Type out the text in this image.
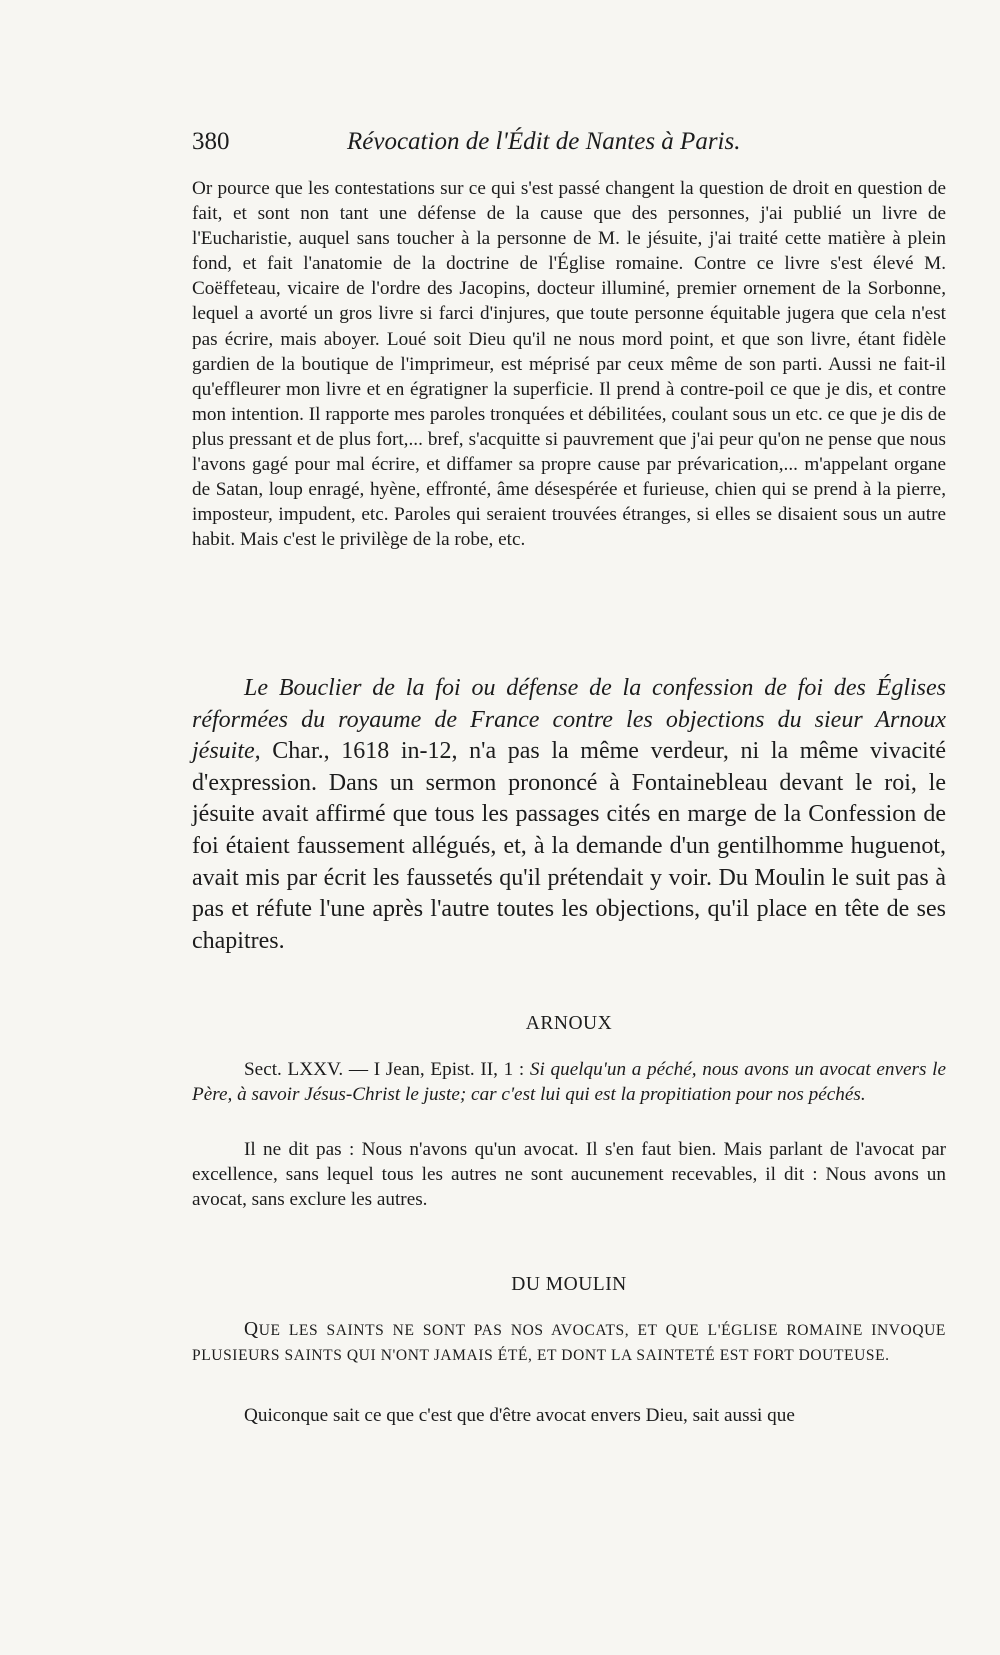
380	Révocation de l'Édit de Nantes à Paris.

Or pource que les contestations sur ce qui s'est passé changent la question de droit en question de fait, et sont non tant une défense de la cause que des personnes, j'ai publié un livre de l'Eucharistie, auquel sans toucher à la personne de M. le jésuite, j'ai traité cette matière à plein fond, et fait l'anatomie de la doctrine de l'Église romaine. Contre ce livre s'est élevé M. Coëffeteau, vicaire de l'ordre des Jacopins, docteur illuminé, premier ornement de la Sorbonne, lequel a avorté un gros livre si farci d'injures, que toute personne équitable jugera que cela n'est pas écrire, mais aboyer. Loué soit Dieu qu'il ne nous mord point, et que son livre, étant fidèle gardien de la boutique de l'imprimeur, est méprisé par ceux même de son parti. Aussi ne fait-il qu'effleurer mon livre et en égratigner la superficie. Il prend à contre-poil ce que je dis, et contre mon intention. Il rapporte mes paroles tronquées et débilitées, coulant sous un etc. ce que je dis de plus pressant et de plus fort,... bref, s'acquitte si pauvrement que j'ai peur qu'on ne pense que nous l'avons gagé pour mal écrire, et diffamer sa propre cause par prévarication,... m'appelant organe de Satan, loup enragé, hyène, effronté, âme désespérée et furieuse, chien qui se prend à la pierre, imposteur, impudent, etc. Paroles qui seraient trouvées étranges, si elles se disaient sous un autre habit. Mais c'est le privilège de la robe, etc.

Le Bouclier de la foi ou défense de la confession de foi des Églises réformées du royaume de France contre les objections du sieur Arnoux jésuite, Char., 1618 in-12, n'a pas la même verdeur, ni la même vivacité d'expression. Dans un sermon prononcé à Fontainebleau devant le roi, le jésuite avait affirmé que tous les passages cités en marge de la Confession de foi étaient faussement allégués, et, à la demande d'un gentilhomme huguenot, avait mis par écrit les faussetés qu'il prétendait y voir. Du Moulin le suit pas à pas et réfute l'une après l'autre toutes les objections, qu'il place en tête de ses chapitres.

ARNOUX

Sect. LXXV. — I Jean, Epist. II, 1 : Si quelqu'un a péché, nous avons un avocat envers le Père, à savoir Jésus-Christ le juste; car c'est lui qui est la propitiation pour nos péchés.

Il ne dit pas : Nous n'avons qu'un avocat. Il s'en faut bien. Mais parlant de l'avocat par excellence, sans lequel tous les autres ne sont aucunement recevables, il dit : Nous avons un avocat, sans exclure les autres.

DU MOULIN

QUE LES SAINTS NE SONT PAS NOS AVOCATS, ET QUE L'ÉGLISE ROMAINE INVOQUE PLUSIEURS SAINTS QUI N'ONT JAMAIS ÉTÉ, ET DONT LA SAINTETÉ EST FORT DOUTEUSE.

Quiconque sait ce que c'est que d'être avocat envers Dieu, sait aussi que
